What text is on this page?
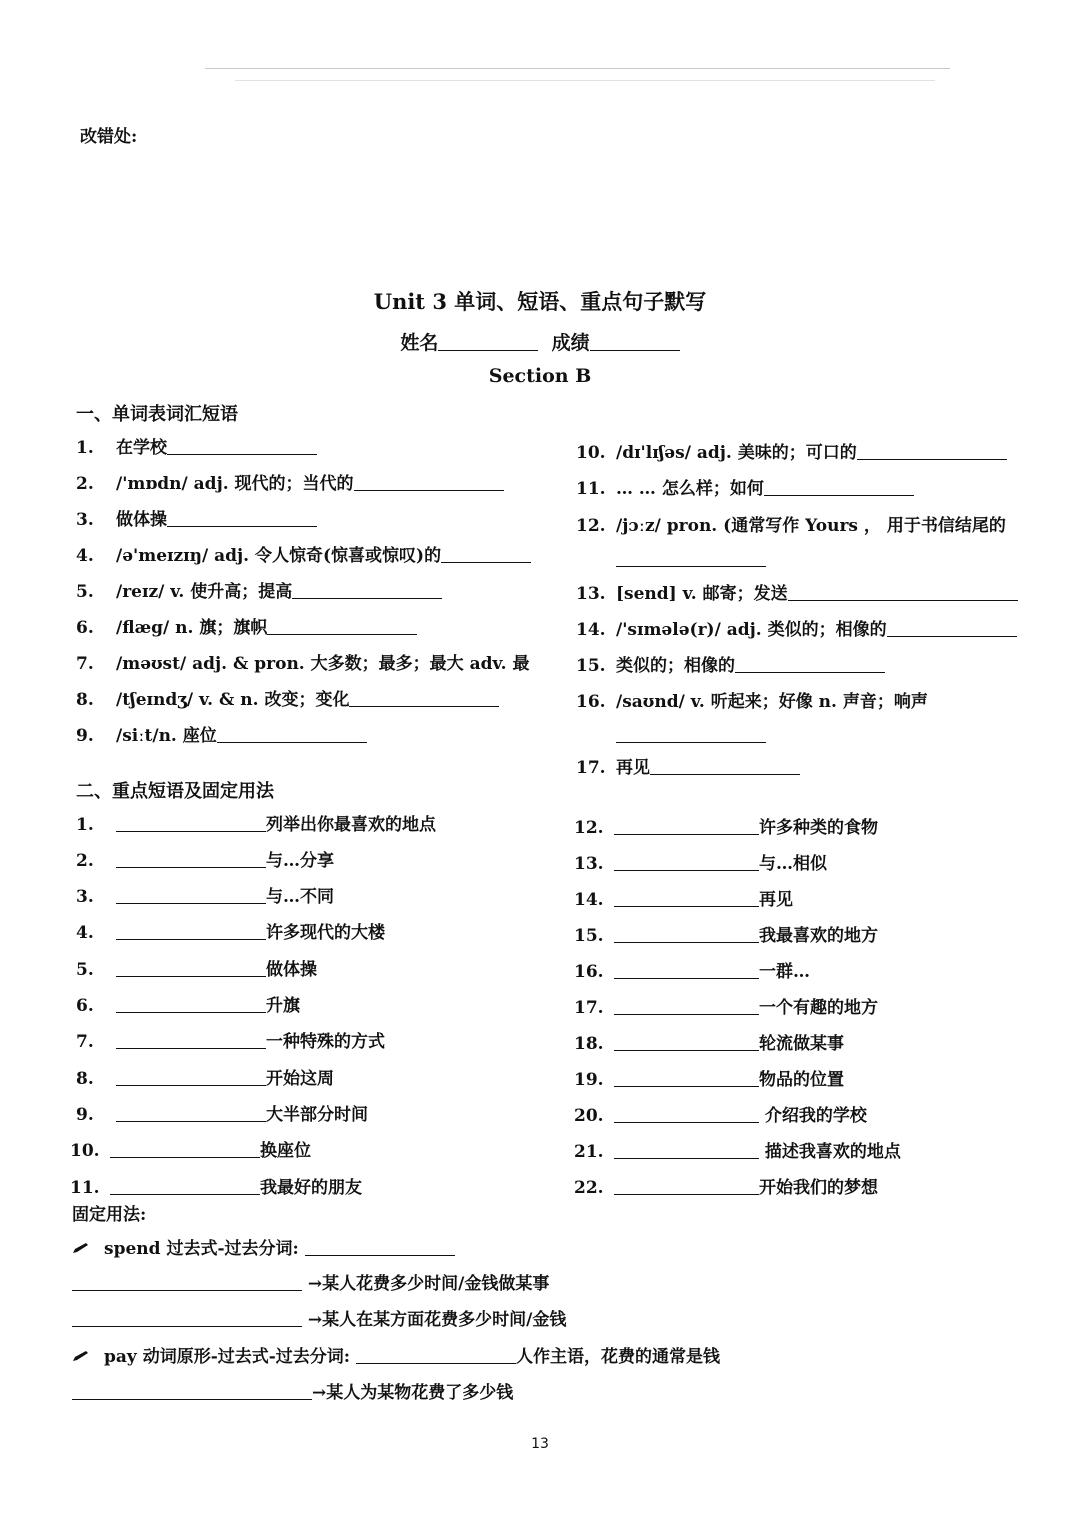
改错处:
Unit 3 单词、短语、重点句子默写
姓名	成绩
Section B
一、单词表词汇短语
1. 在学校
2. /'mɒdn/ adj. 现代的；当代的
3. 做体操
4. /ə'meɪzɪŋ/ adj. 令人惊奇(惊喜或惊叹)的
5. /reɪz/ v. 使升高；提高
6. /flæg/ n. 旗；旗帜
7. /məʊst/ adj. & pron. 大多数；最多；最大 adv. 最
8. /tʃeɪndʒ/ v. & n. 改变；变化
9. /siːt/n. 座位
10. /dɪ'lɪʃəs/ adj. 美味的；可口的
11. … … 怎么样；如何
12. /jɔːz/ pron. (通常写作 Yours ， 用于书信结尾的
13. [send] v. 邮寄；发送
14. /'sɪmələ(r)/ adj. 类似的；相像的
15. 类似的；相像的
16. /saʊnd/ v. 听起来；好像 n. 声音；响声
17. 再见
二、重点短语及固定用法
1.	列举出你最喜欢的地点
2.	与…分享
3.	与…不同
4.	许多现代的大楼
5.	做体操
6.	升旗
7.	一种特殊的方式
8.	开始这周
9.	大半部分时间
10.	换座位
11.	我最好的朋友
12.	许多种类的食物
13.	与…相似
14.	再见
15.	我最喜欢的地方
16.	一群…
17.	一个有趣的地方
18.	轮流做某事
19.	物品的位置
20.	介绍我的学校
21.	描述我喜欢的地点
22.	开始我们的梦想
固定用法:
spend 过去式-过去分词:
→某人花费多少时间/金钱做某事
→某人在某方面花费多少时间/金钱
pay 动词原形-过去式-过去分词:	人作主语，花费的通常是钱
→某人为某物花费了多少钱
13
